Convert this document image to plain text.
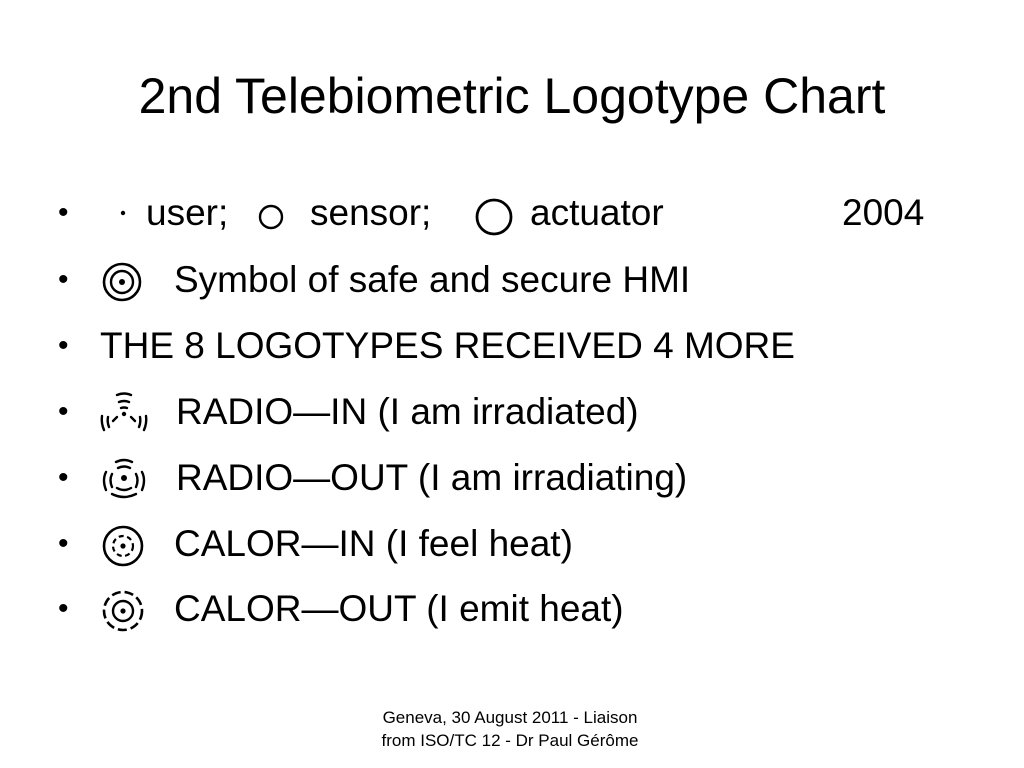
2nd Telebiometric Logotype Chart
• user; sensor;	actuator	2004
•	Symbol of safe and secure HMI
• THE 8 LOGOTYPES RECEIVED 4 MORE
•	RADIO—IN (I am irradiated)
•	RADIO—OUT (I am irradiating)
•	CALOR—IN (I feel heat)
•	CALOR—OUT (I emit heat)
Geneva, 30 August 2011 - Liaison
from ISO/TC 12 - Dr Paul Gérôme
